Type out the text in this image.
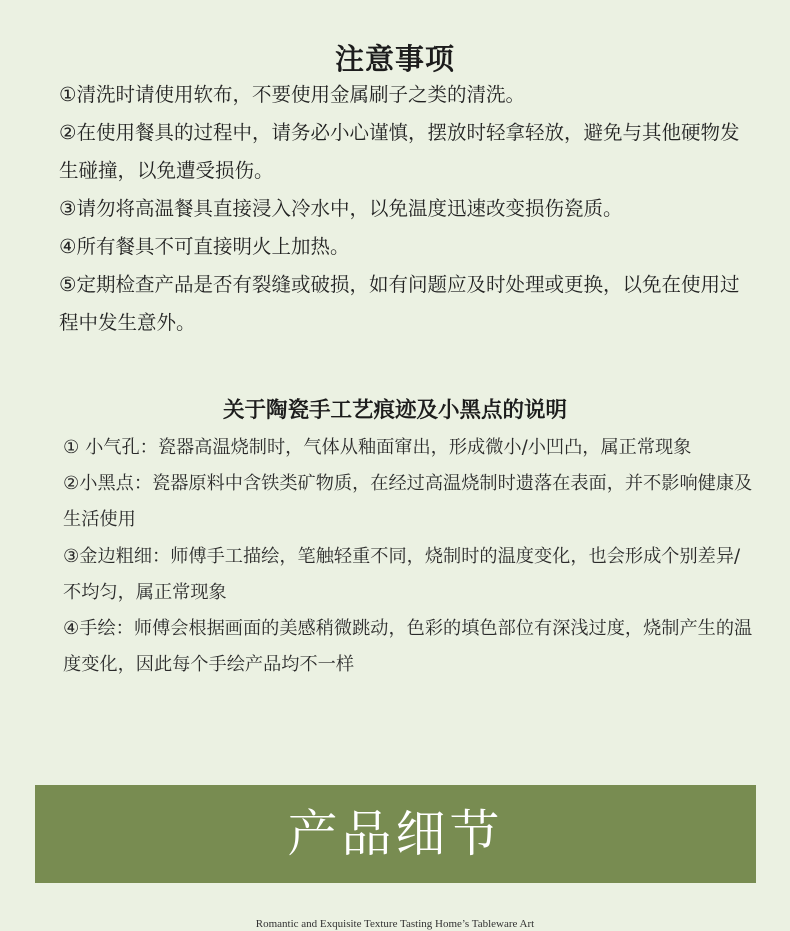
注意事项
①清洗时请使用软布，不要使用金属刷子之类的清洗。
②在使用餐具的过程中，请务必小心谨慎，摆放时轻拿轻放，避免与其他硬物发生碰撞，以免遭受损伤。
③请勿将高温餐具直接浸入冷水中，以免温度迅速改变损伤瓷质。
④所有餐具不可直接明火上加热。
⑤定期检查产品是否有裂缝或破损，如有问题应及时处理或更换，以免在使用过程中发生意外。
关于陶瓷手工艺痕迹及小黑点的说明
① 小气孔：瓷器高温烧制时，气体从釉面窜出，形成微小/小凹凸，属正常现象
②小黑点：瓷器原料中含铁类矿物质，在经过高温烧制时遗落在表面，并不影响健康及生活使用
③金边粗细：师傅手工描绘，笔触轻重不同，烧制时的温度变化，也会形成个别差异/不均匀，属正常现象
④手绘：师傅会根据画面的美感稍微跳动，色彩的填色部位有深浅过度，烧制产生的温度变化，因此每个手绘产品均不一样
产品细节
Romantic and Exquisite Texture Tasting Home’s Tableware Art
